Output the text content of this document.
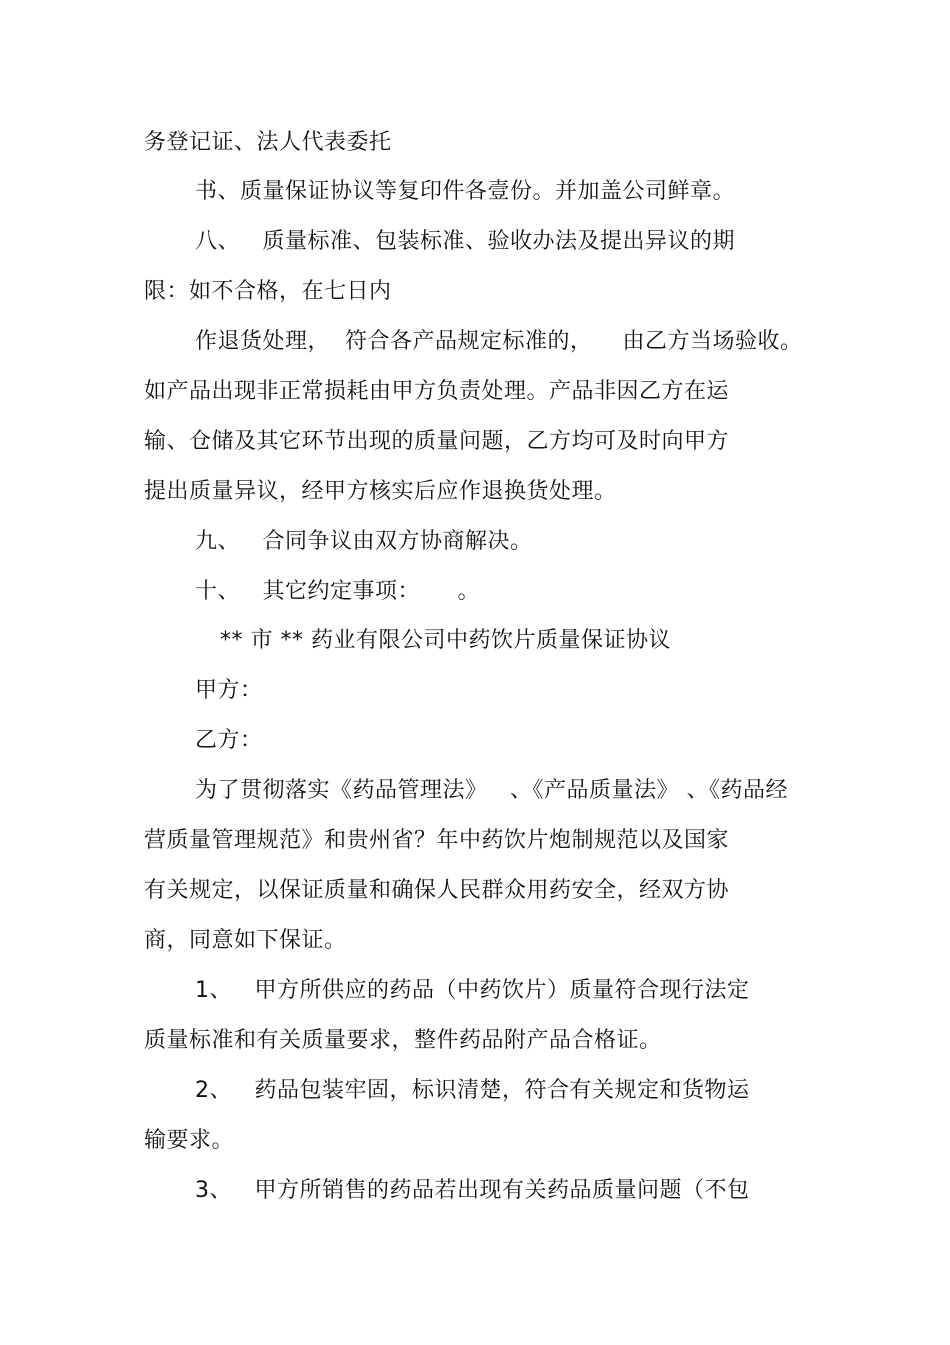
务登记证、法人代表委托
书、质量保证协议等复印件各壹份。并加盖公司鲜章。
八、   质量标准、包装标准、验收办法及提出异议的期
限：如不合格，在七日内
作退货处理，  符合各产品规定标准的，    由乙方当场验收。
如产品出现非正常损耗由甲方负责处理。产品非因乙方在运
输、仓储及其它环节出现的质量问题，乙方均可及时向甲方
提出质量异议，经甲方核实后应作退换货处理。
九、   合同争议由双方协商解决。
十、   其它约定事项：     。
** 市 ** 药业有限公司中药饮片质量保证协议
甲方：
乙方：
为了贯彻落实《药品管理法》   、《产品质量法》 、《药品经
营质量管理规范》和贵州省？年中药饮片炮制规范以及国家
有关规定，以保证质量和确保人民群众用药安全，经双方协
商，同意如下保证。
1、   甲方所供应的药品（中药饮片）质量符合现行法定
质量标准和有关质量要求，整件药品附产品合格证。
2、   药品包装牢固，标识清楚，符合有关规定和货物运
输要求。
3、   甲方所销售的药品若出现有关药品质量问题（不包
